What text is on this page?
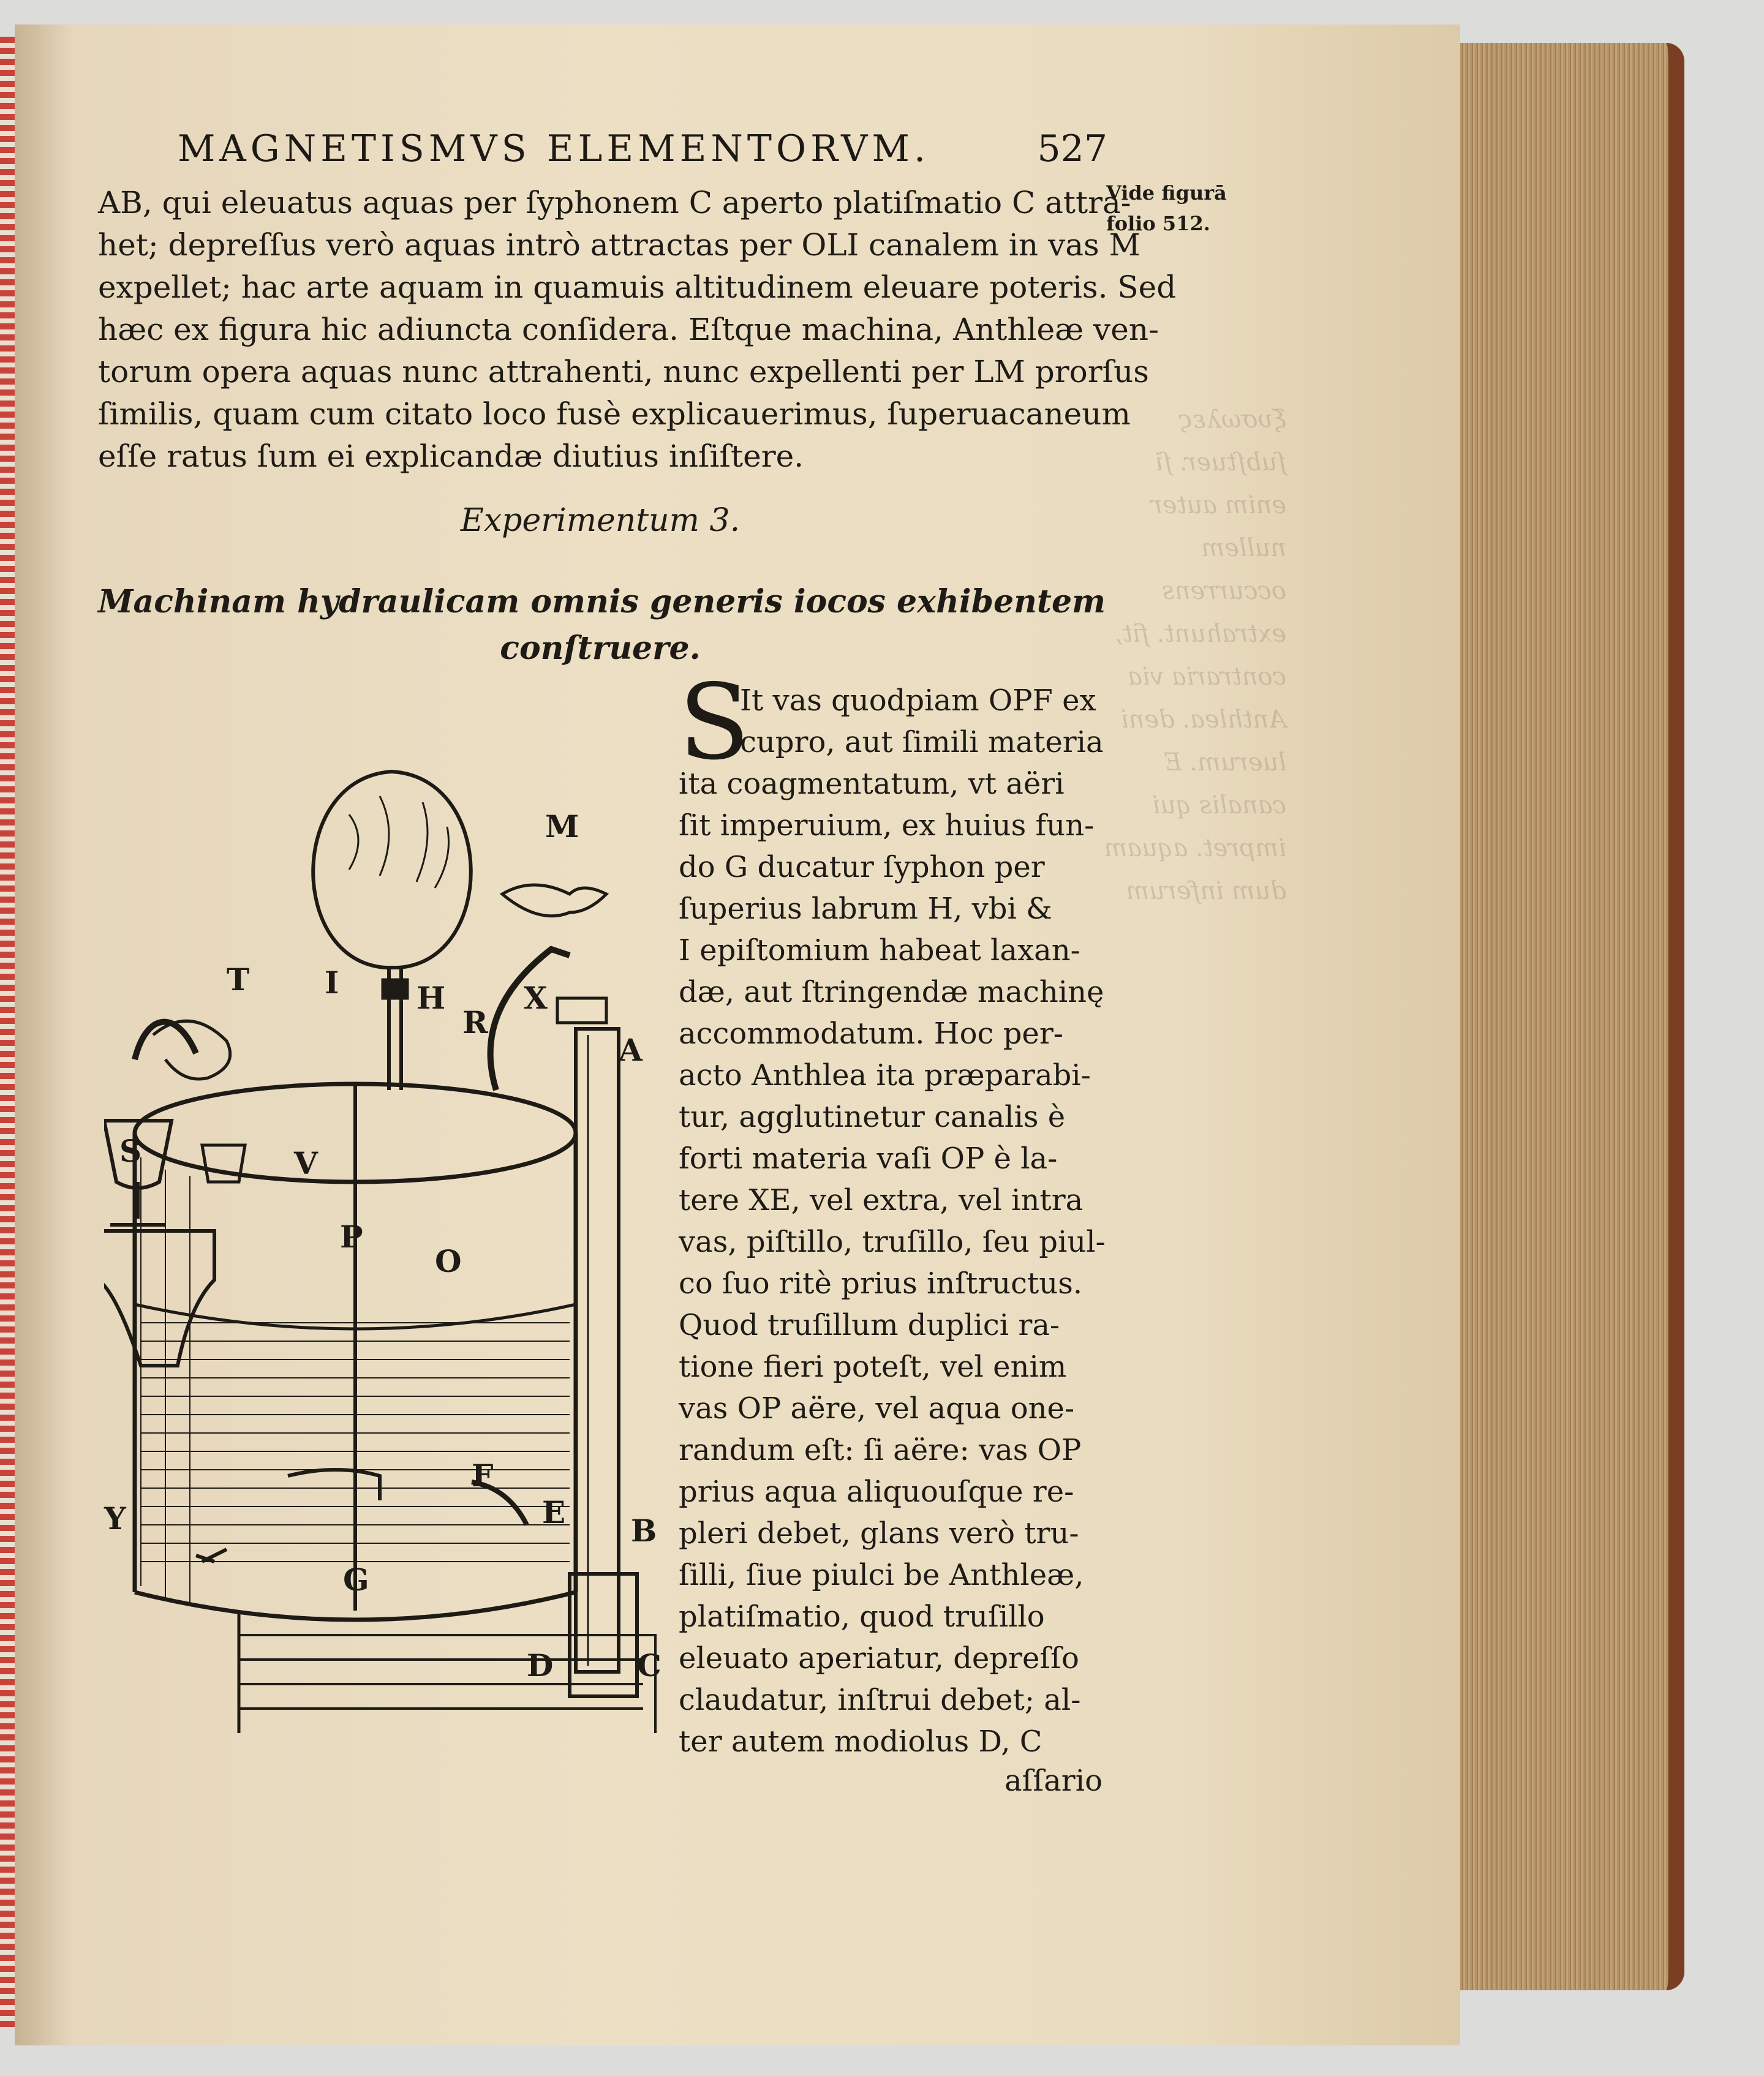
ξυσωλες ſubſtuer. ſi enim auter nullem occurrens extrahunt. fit, contraria via Anthlea. deni luerum. E canalis qui impret. aquam dum inferum
MAGNETISMVS ELEMENTORVM.	527
Vide figurā
folio 512.
AB, qui eleuatus aquas per ſyphonem C aperto platiſmatio C attra-
het; depreſſus verò aquas intrò attractas per OLI canalem in vas M
expellet; hac arte aquam in quamuis altitudinem eleuare poteris. Sed
hæc ex figura hic adiuncta conſidera. Eſtque machina, Anthleæ ven-
torum opera aquas nunc attrahenti, nunc expellenti per LM prorſus
ſimilis, quam cum citato loco fusè explicauerimus, ſuperuacaneum
eſſe ratus ſum ei explicandæ diutius inſiſtere.
Experimentum 3.
Machinam hydraulicam omnis generis iocos exhibentem
conſtruere.
M
T I	H
R
X
A
S	V
P
O
F
E
B
Y
G
D	C
S
It vas quodpiam OPF ex
cupro, aut ſimili materia
ita coagmentatum, vt aëri
ſit imperuium, ex huius fun-
do G ducatur ſyphon per
ſuperius labrum H, vbi &
I epiſtomium habeat laxan-
dæ, aut ſtringendæ machinę
accommodatum. Hoc per-
acto Anthlea ita præparabi-
tur, agglutinetur canalis è
forti materia vaſi OP è la-
tere XE, vel extra, vel intra
vas, piſtillo, truſillo, ſeu piul-
co ſuo ritè prius inſtructus.
Quod truſillum duplici ra-
tione fieri poteſt, vel enim
vas OP aëre, vel aqua one-
randum eſt: ſi aëre: vas OP
prius aqua aliquouſque re-
pleri debet, glans verò tru-
ſilli, ſiue piulci be Anthleæ,
platiſmatio, quod truſillo
eleuato aperiatur, depreſſo
claudatur, inſtrui debet; al-
ter autem modiolus D, C
aſſario
